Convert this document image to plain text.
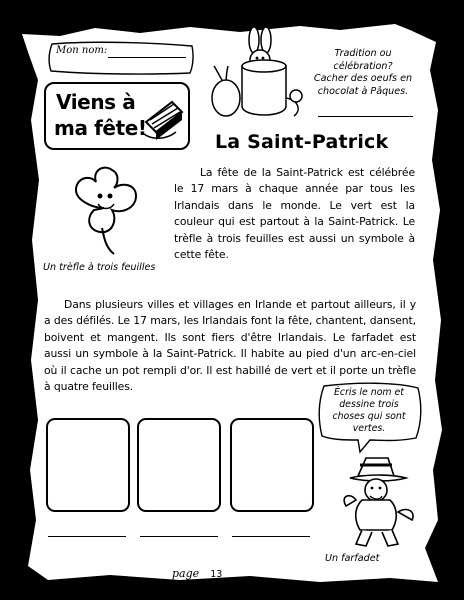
Mon nom:	Tradition ou
célébration?
Cacher des oeufs en
chocolat à Pâques.
Viens à
ma fête!
La Saint-Patrick
Un trèfle à trois feuilles
La fête de la Saint-Patrick est célébrée le 17 mars à chaque année par tous les Irlandais dans le monde. Le vert est la couleur qui est partout à la Saint-Patrick. Le trèfle à trois feuilles est aussi un symbole à cette fête.
Dans plusieurs villes et villages en Irlande et partout ailleurs, il y a des défilés. Le 17 mars, les Irlandais font la fête, chantent, dansent, boivent et mangent. Ils sont fiers d'être Irlandais. Le farfadet est aussi un symbole à la Saint-Patrick. Il habite au pied d'un arc-en-ciel où il cache un pot rempli d'or. Il est habillé de vert et il porte un trèfle à quatre feuilles.	Écris le nom et
dessine trois
choses qui sont
vertes.
Un farfadet
page 13
